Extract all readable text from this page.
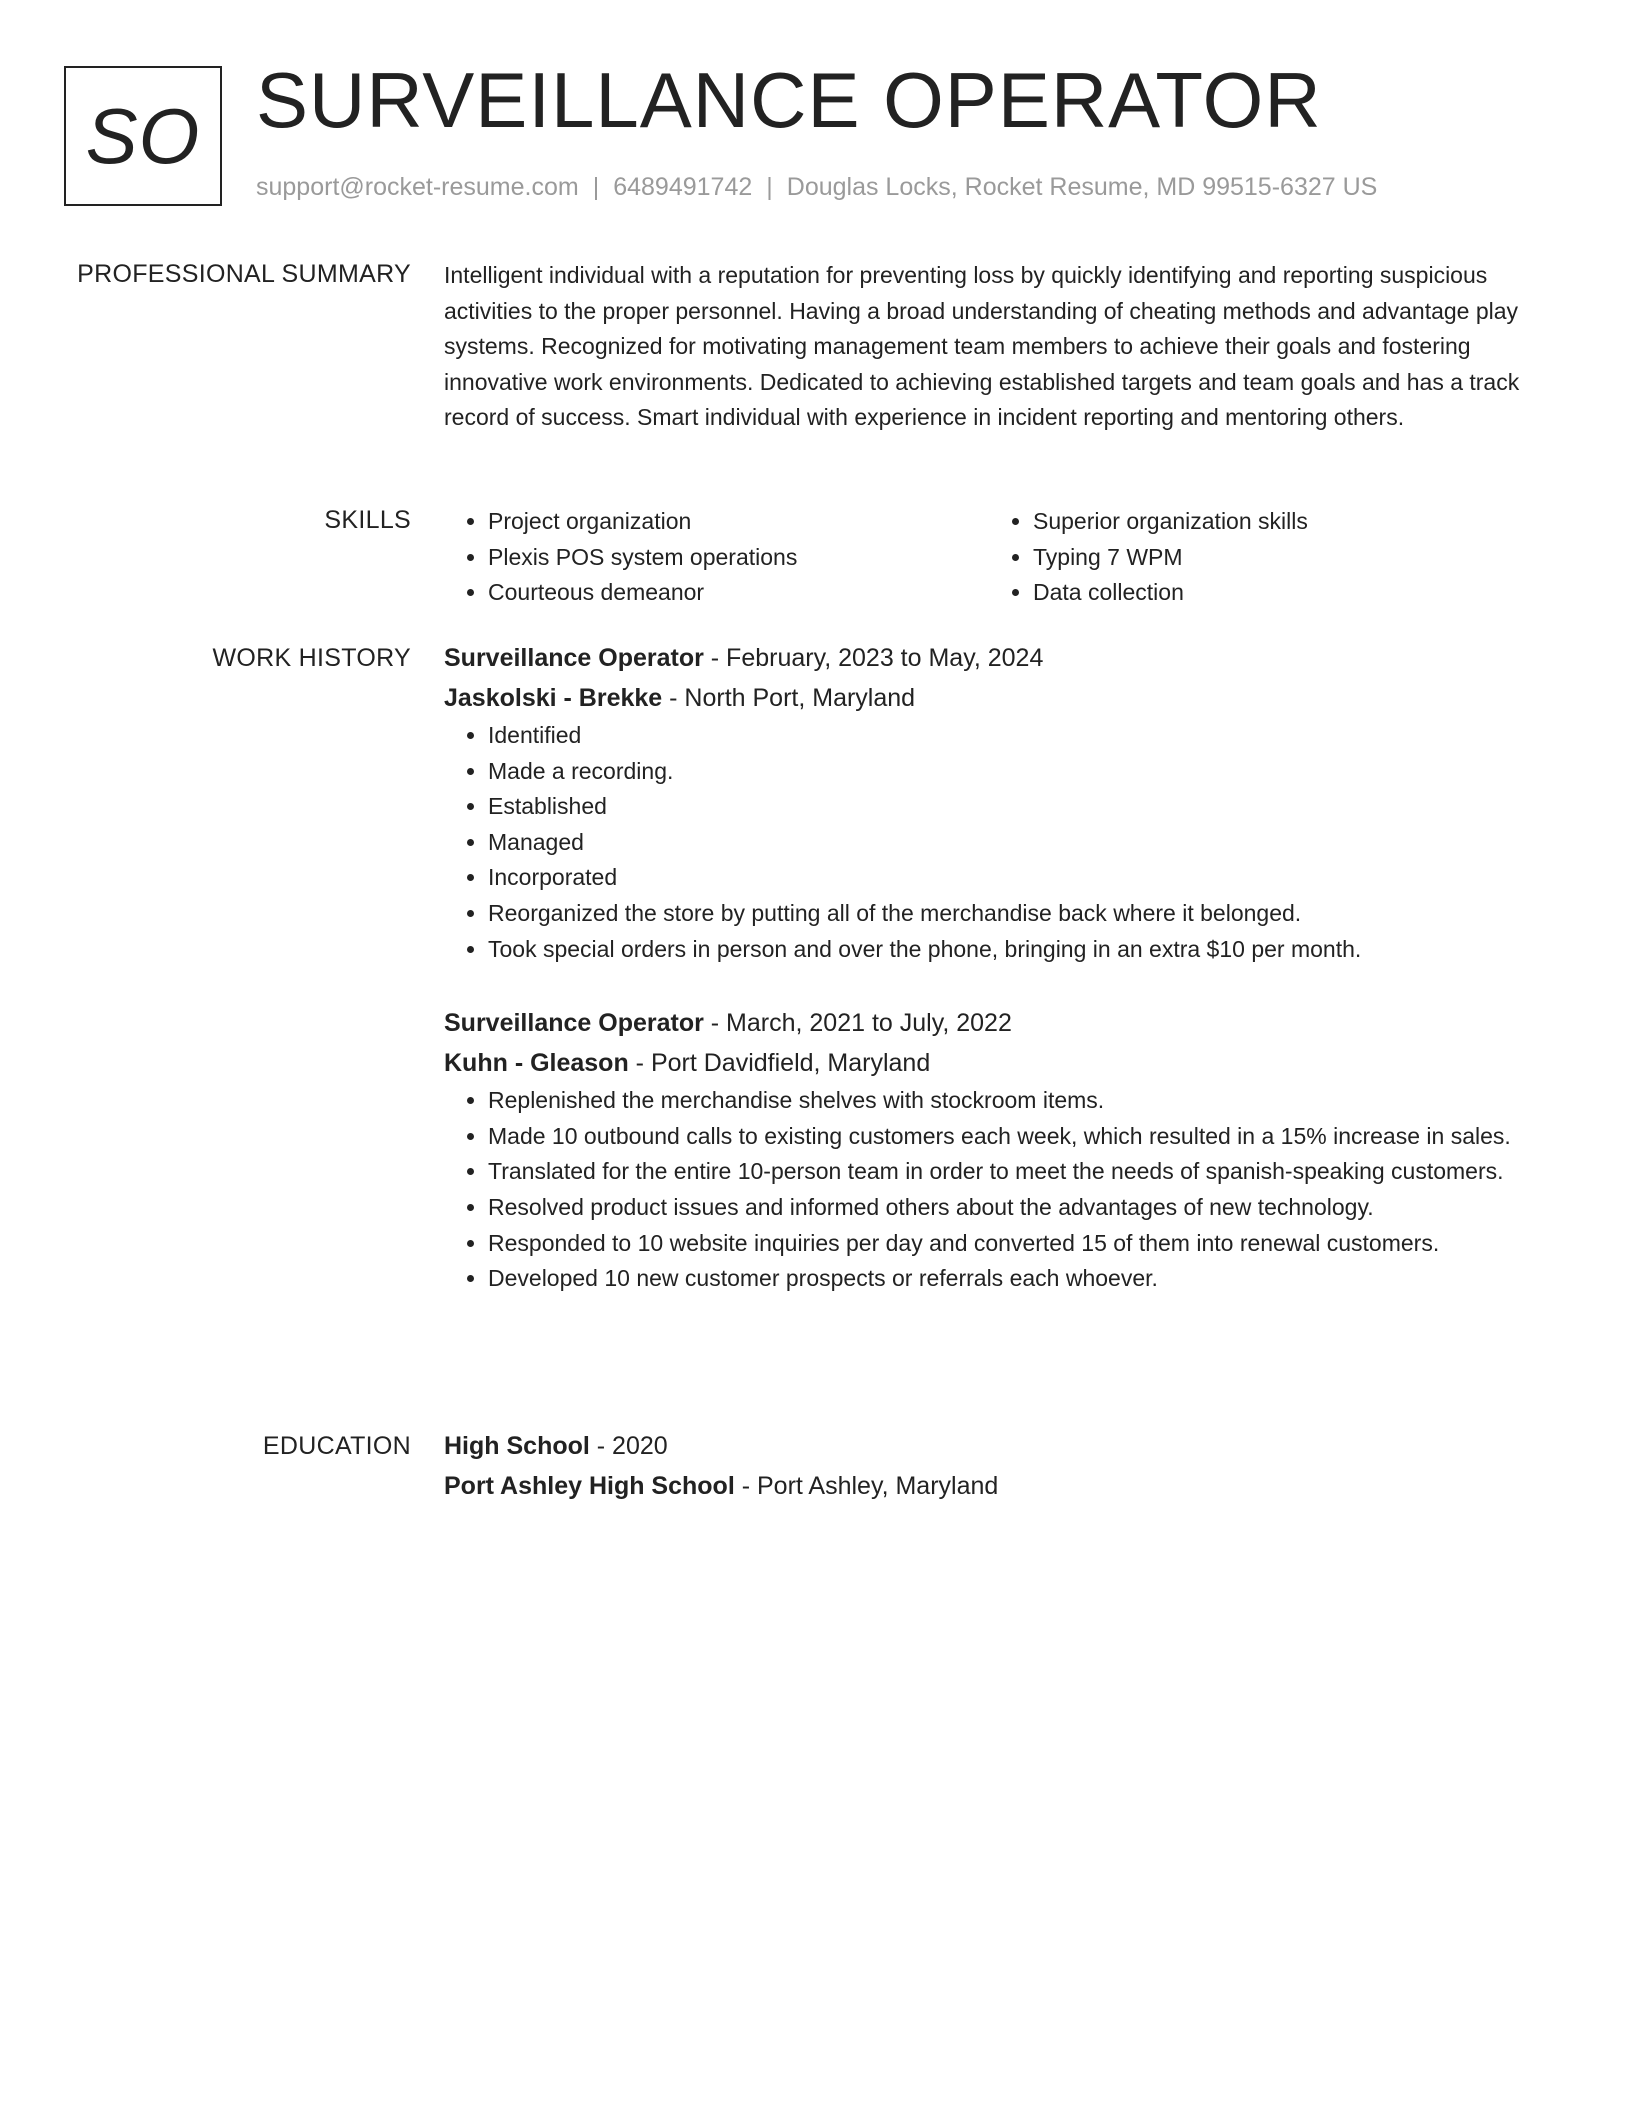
SO SURVEILLANCE OPERATOR
support@rocket-resume.com | 6489491742 | Douglas Locks, Rocket Resume, MD 99515-6327 US
PROFESSIONAL SUMMARY Intelligent individual with a reputation for preventing loss by quickly identifying and reporting suspicious activities to the proper personnel. Having a broad understanding of cheating methods and advantage play systems. Recognized for motivating management team members to achieve their goals and fostering innovative work environments. Dedicated to achieving established targets and team goals and has a track record of success. Smart individual with experience in incident reporting and mentoring others.

SKILLS
•	Project organization
• Plexis POS system operations
• Courteous demeanor
• Superior organization skills
• Typing 7 WPM
• Data collection
WORK HISTORY Surveillance Operator - February, 2023 to May, 2024
Jaskolski - Brekke - North Port, Maryland
• Identified
• Made a recording.
• Established
• Managed
• Incorporated
• Reorganized the store by putting all of the merchandise back where it belonged.
• Took special orders in person and over the phone, bringing in an extra $10 per month.
Surveillance Operator - March, 2021 to July, 2022
Kuhn - Gleason - Port Davidfield, Maryland
• Replenished the merchandise shelves with stockroom items.
• Made 10 outbound calls to existing customers each week, which resulted in a 15% increase in sales.
• Translated for the entire 10-person team in order to meet the needs of spanish-speaking customers.
• Resolved product issues and informed others about the advantages of new technology.
• Responded to 10 website inquiries per day and converted 15 of them into renewal customers.
• Developed 10 new customer prospects or referrals each whoever.
EDUCATION High School - 2020
Port Ashley High School - Port Ashley, Maryland
